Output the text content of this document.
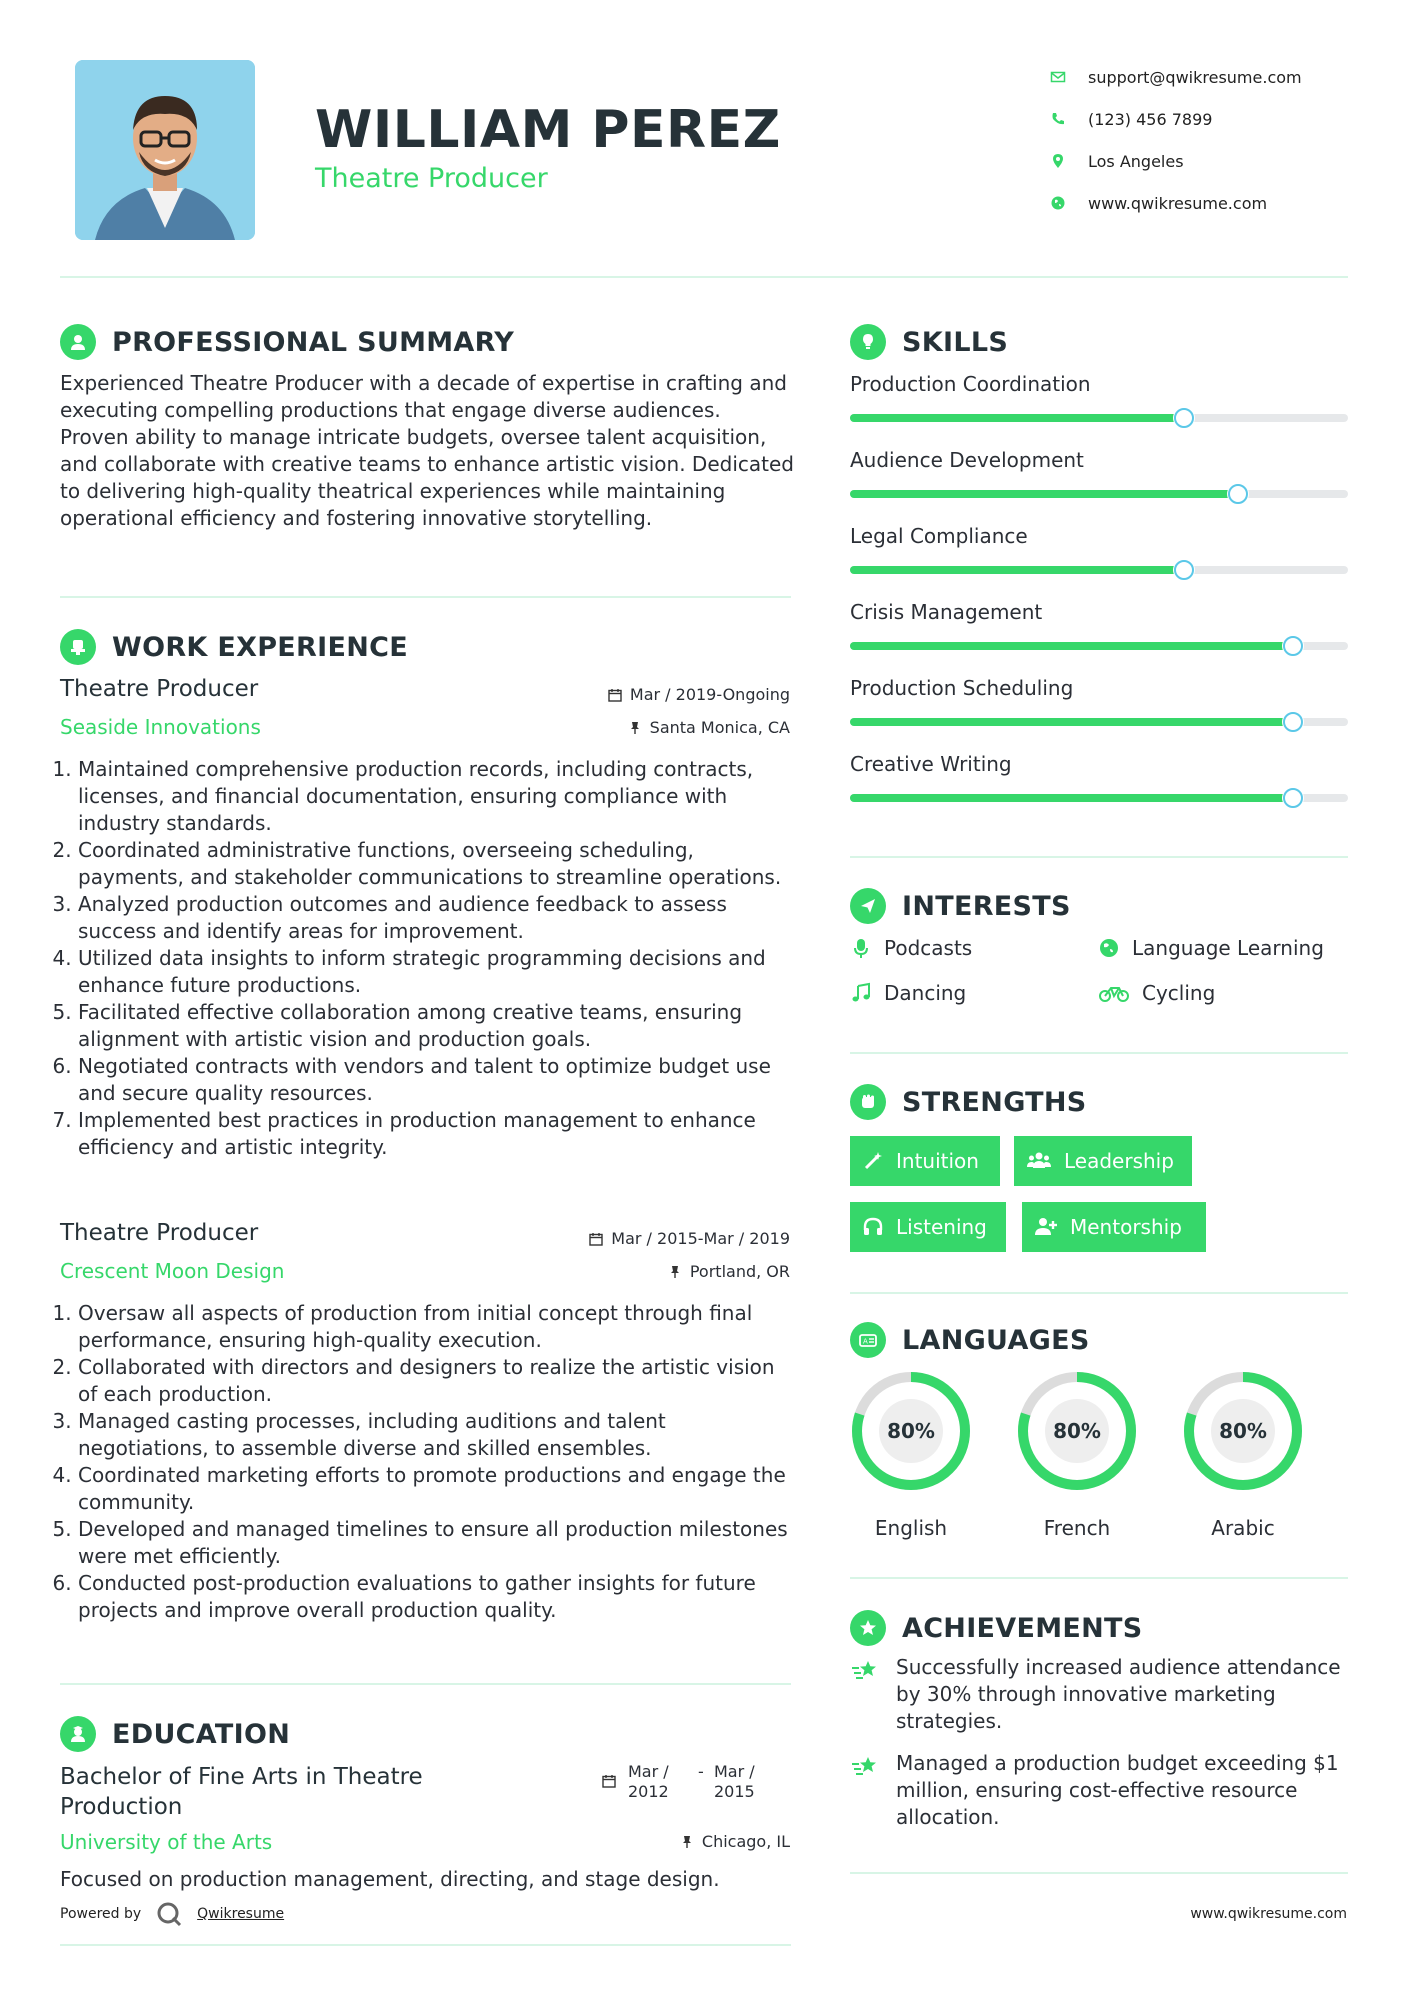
WILLIAM PEREZ
Theatre Producer
support@qwikresume.com
(123) 456 7899
Los Angeles
www.qwikresume.com
PROFESSIONAL SUMMARY
Experienced Theatre Producer with a decade of expertise in crafting and executing compelling productions that engage diverse audiences. Proven ability to manage intricate budgets, oversee talent acquisition, and collaborate with creative teams to enhance artistic vision. Dedicated to delivering high-quality theatrical experiences while maintaining operational efficiency and fostering innovative storytelling.
WORK EXPERIENCE
Theatre Producer
Seaside Innovations
Mar / 2019-Ongoing
Santa Monica, CA
1. Maintained comprehensive production records, including contracts, licenses, and financial documentation, ensuring compliance with industry standards.
2. Coordinated administrative functions, overseeing scheduling, payments, and stakeholder communications to streamline operations.
3. Analyzed production outcomes and audience feedback to assess success and identify areas for improvement.
4. Utilized data insights to inform strategic programming decisions and enhance future productions.
5. Facilitated effective collaboration among creative teams, ensuring alignment with artistic vision and production goals.
6. Negotiated contracts with vendors and talent to optimize budget use and secure quality resources.
7. Implemented best practices in production management to enhance efficiency and artistic integrity.
Theatre Producer
Crescent Moon Design
Mar / 2015-Mar / 2019
Portland, OR
1. Oversaw all aspects of production from initial concept through final performance, ensuring high-quality execution.
2. Collaborated with directors and designers to realize the artistic vision of each production.
3. Managed casting processes, including auditions and talent negotiations, to assemble diverse and skilled ensembles.
4. Coordinated marketing efforts to promote productions and engage the community.
5. Developed and managed timelines to ensure all production milestones were met efficiently.
6. Conducted post-production evaluations to gather insights for future projects and improve overall production quality.
EDUCATION
Bachelor of Fine Arts in Theatre Production
University of the Arts
Mar / 2012
- Mar / 2015
Chicago, IL
Focused on production management, directing, and stage design.
Powered by	Qwikresume
SKILLS
Production Coordination
Audience Development
Legal Compliance
Crisis Management
Production Scheduling
Creative Writing
INTERESTS
Podcasts	Language Learning
Dancing	Cycling
STRENGTHS
Intuition	Leadership
Listening	Mentorship
A LANGUAGES
80%
English
80%
French
80%
Arabic
ACHIEVEMENTS
Successfully increased audience attendance by 30% through innovative marketing strategies.
Managed a production budget exceeding $1 million, ensuring cost-effective resource allocation.
www.qwikresume.com
